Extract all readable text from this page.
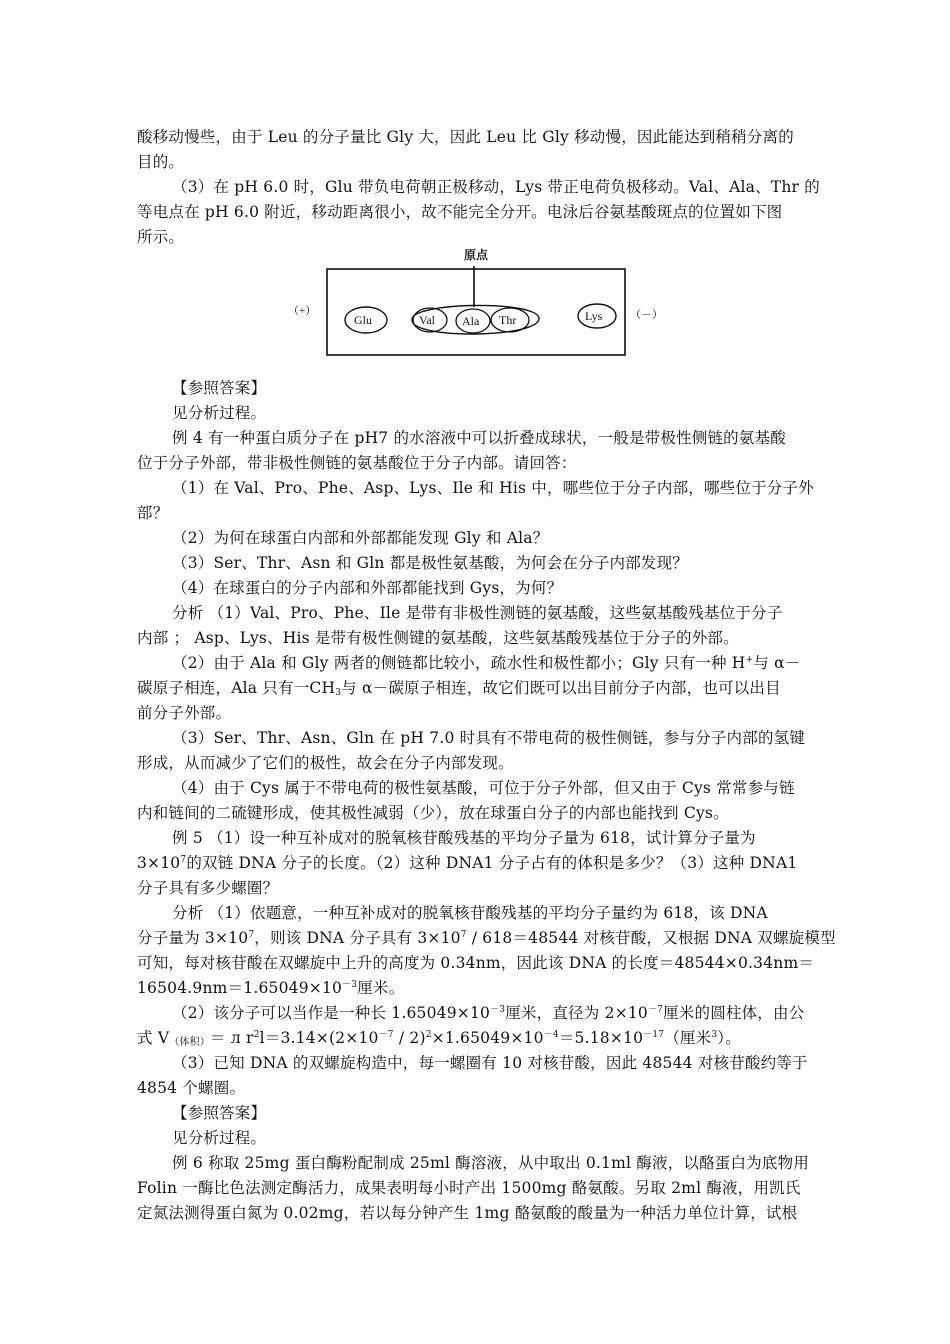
酸移动慢些，由于 Leu 的分子量比 Gly 大，因此 Leu 比 Gly 移动慢，因此能达到稍稍分离的
目的。
（3）在 pH 6.0 时，Glu 带负电荷朝正极移动，Lys 带正电荷负极移动。Val、Ala、Thr 的
等电点在 pH 6.0 附近，移动距离很小，故不能完全分开。电泳后谷氨基酸斑点的位置如下图
所示。
原点
（+）	（－）
Glu	Val Ala Thr	Lys
【参照答案】
见分析过程。
例 4 有一种蛋白质分子在 pH7 的水溶液中可以折叠成球状，一般是带极性侧链的氨基酸
位于分子外部，带非极性侧链的氨基酸位于分子内部。请回答：
（1）在 Val、Pro、Phe、Asp、Lys、Ile 和 His 中，哪些位于分子内部，哪些位于分子外
部？
（2）为何在球蛋白内部和外部都能发现 Gly 和 Ala？
（3）Ser、Thr、Asn 和 Gln 都是极性氨基酸，为何会在分子内部发现？
（4）在球蛋白的分子内部和外部都能找到 Gys，为何？
分析 （1）Val、Pro、Phe、Ile 是带有非极性测链的氨基酸，这些氨基酸残基位于分子
内部 ； Asp、Lys、His 是带有极性侧键的氨基酸，这些氨基酸残基位于分子的外部。
（2）由于 Ala 和 Gly 两者的侧链都比较小，疏水性和极性都小；Gly 只有一种 H+与 α－
碳原子相连，Ala 只有一$CH_3$与 α－碳原子相连，故它们既可以出目前分子内部，也可以出目
前分子外部。
（3）Ser、Thr、Asn、Gln 在 pH 7.0 时具有不带电荷的极性侧链，参与分子内部的氢键
形成，从而减少了它们的极性，故会在分子内部发现。
（4）由于 Cys 属于不带电荷的极性氨基酸，可位于分子外部，但又由于 Cys 常常参与链
内和链间的二硫键形成，使其极性减弱（少），放在球蛋白分子的内部也能找到 Cys。
例 5 （1）设一种互补成对的脱氧核苷酸残基的平均分子量为 618，试计算分子量为
$3\times 10^7$的双链 DNA 分子的长度。（2）这种 DNA1 分子占有的体积是多少？（3）这种 DNA1
分子具有多少螺圈？
分析 （1）依题意，一种互补成对的脱氧核苷酸残基的平均分子量约为 618，该 DNA
分子量为 $3\times 10^7$，则该 DNA 分子具有 $3\times 10^7 / 618=48544$ 对核苷酸，又根据 DNA 双螺旋模型
可知，每对核苷酸在双螺旋中上升的高度为 0.34nm，因此该 DNA 的长度＝48544×0.34nm＝
$16504.9nm=1.65049\times 10^{-3}$厘米。
（2）该分子可以当作是一种长 $1.65049\times 10^{-3}$厘米，直径为 $2\times 10^{-7}$厘米的圆柱体，由公
式 $V_{(体积)}= л$ $r^2l=3.14\times(2\times 10^{-7} / 2)^2\times 1.65049\times 10^{-4}=5.18\times 10^{-17}$（厘米$^3$）。
（3）已知 DNA 的双螺旋构造中，每一螺圈有 10 对核苷酸，因此 48544 对核苷酸约等于
4854 个螺圈。
【参照答案】
见分析过程。
例 6 称取 25mg 蛋白酶粉配制成 25ml 酶溶液，从中取出 0.1ml 酶液，以酪蛋白为底物用
Folin 一酶比色法测定酶活力，成果表明每小时产出 1500mg 酪氨酸。另取 2ml 酶液，用凯氏
定氮法测得蛋白氮为 0.02mg，若以每分钟产生 1mg 酪氨酸的酸量为一种活力单位计算，试根
